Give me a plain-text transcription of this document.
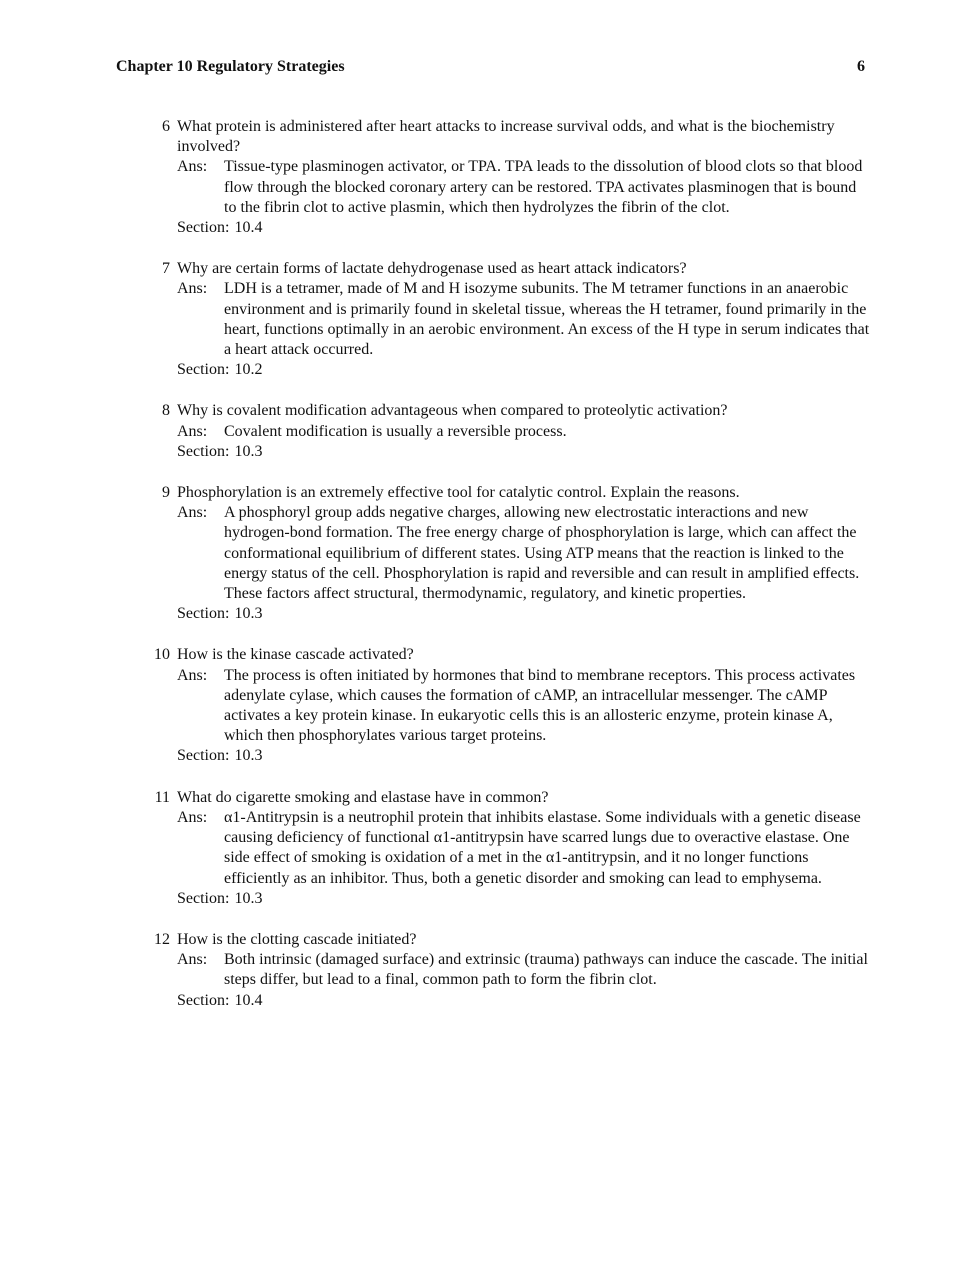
Chapter 10 Regulatory Strategies	6
6 What protein is administered after heart attacks to increase survival odds, and what is the biochemistry involved?
Ans: Tissue-type plasminogen activator, or TPA. TPA leads to the dissolution of blood clots so that blood flow through the blocked coronary artery can be restored. TPA activates plasminogen that is bound to the fibrin clot to active plasmin, which then hydrolyzes the fibrin of the clot.
Section: 10.4
7 Why are certain forms of lactate dehydrogenase used as heart attack indicators?
Ans: LDH is a tetramer, made of M and H isozyme subunits. The M tetramer functions in an anaerobic environment and is primarily found in skeletal tissue, whereas the H tetramer, found primarily in the heart, functions optimally in an aerobic environment. An excess of the H type in serum indicates that a heart attack occurred.
Section: 10.2
8 Why is covalent modification advantageous when compared to proteolytic activation?
Ans: Covalent modification is usually a reversible process.
Section: 10.3
9 Phosphorylation is an extremely effective tool for catalytic control. Explain the reasons.
Ans: A phosphoryl group adds negative charges, allowing new electrostatic interactions and new hydrogen-bond formation. The free energy charge of phosphorylation is large, which can affect the conformational equilibrium of different states. Using ATP means that the reaction is linked to the energy status of the cell. Phosphorylation is rapid and reversible and can result in amplified effects. These factors affect structural, thermodynamic, regulatory, and kinetic properties.
Section: 10.3
10 How is the kinase cascade activated?
Ans: The process is often initiated by hormones that bind to membrane receptors. This process activates adenylate cylase, which causes the formation of cAMP, an intracellular messenger. The cAMP activates a key protein kinase. In eukaryotic cells this is an allosteric enzyme, protein kinase A, which then phosphorylates various target proteins.
Section: 10.3
11 What do cigarette smoking and elastase have in common?
Ans: α1-Antitrypsin is a neutrophil protein that inhibits elastase. Some individuals with a genetic disease causing deficiency of functional α1-antitrypsin have scarred lungs due to overactive elastase. One side effect of smoking is oxidation of a met in the α1-antitrypsin, and it no longer functions efficiently as an inhibitor. Thus, both a genetic disorder and smoking can lead to emphysema.
Section: 10.3
12 How is the clotting cascade initiated?
Ans: Both intrinsic (damaged surface) and extrinsic (trauma) pathways can induce the cascade. The initial steps differ, but lead to a final, common path to form the fibrin clot.
Section: 10.4
